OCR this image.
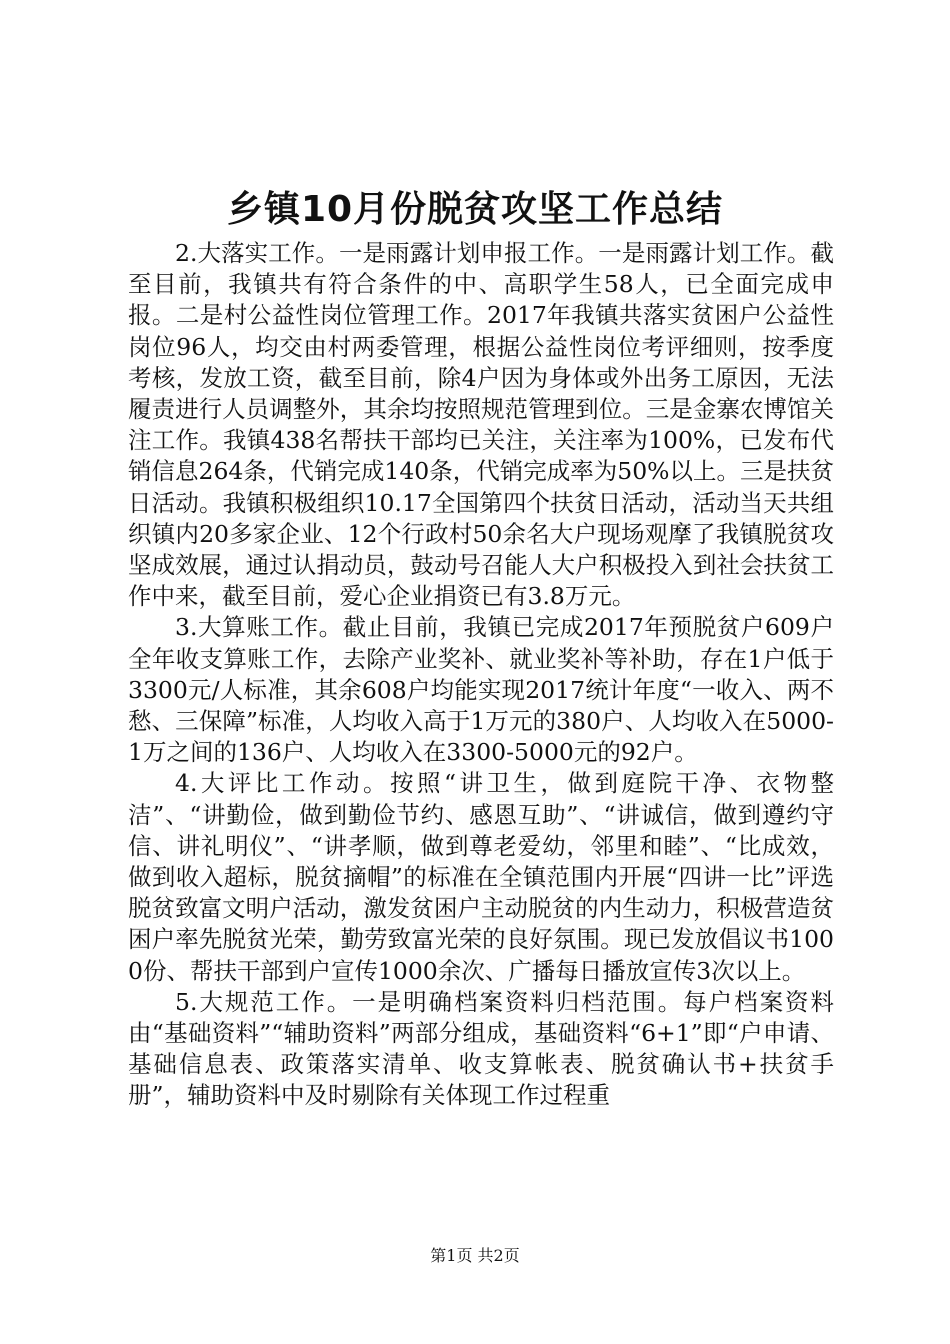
乡镇10月份脱贫攻坚工作总结

2.大落实工作。一是雨露计划申报工作。一是雨露计划工作。截至目前，我镇共有符合条件的中、高职学生58人，已全面完成申报。二是村公益性岗位管理工作。2017年我镇共落实贫困户公益性岗位96人，均交由村两委管理，根据公益性岗位考评细则，按季度考核，发放工资，截至目前，除4户因为身体或外出务工原因，无法履责进行人员调整外，其余均按照规范管理到位。三是金寨农博馆关注工作。我镇438名帮扶干部均已关注，关注率为100%，已发布代销信息264条，代销完成140条，代销完成率为50%以上。三是扶贫日活动。我镇积极组织10.17全国第四个扶贫日活动，活动当天共组织镇内20多家企业、12个行政村50余名大户现场观摩了我镇脱贫攻坚成效展，通过认捐动员，鼓动号召能人大户积极投入到社会扶贫工作中来，截至目前，爱心企业捐资已有3.8万元。

3.大算账工作。截止目前，我镇已完成2017年预脱贫户609户全年收支算账工作，去除产业奖补、就业奖补等补助，存在1户低于3300元/人标准，其余608户均能实现2017统计年度“一收入、两不愁、三保障”标准，人均收入高于1万元的380户、人均收入在5000-1万之间的136户、人均收入在3300-5000元的92户。

4.大评比工作动。按照“讲卫生，做到庭院干净、衣物整洁”、“讲勤俭，做到勤俭节约、感恩互助”、“讲诚信，做到遵约守信、讲礼明仪”、“讲孝顺，做到尊老爱幼，邻里和睦”、“比成效，做到收入超标，脱贫摘帽”的标准在全镇范围内开展“四讲一比”评选脱贫致富文明户活动，激发贫困户主动脱贫的内生动力，积极营造贫困户率先脱贫光荣，勤劳致富光荣的良好氛围。现已发放倡议书1000份、帮扶干部到户宣传1000余次、广播每日播放宣传3次以上。

5.大规范工作。一是明确档案资料归档范围。每户档案资料由“基础资料”“辅助资料”两部分组成，基础资料“6+1”即“户申请、基础信息表、政策落实清单、收支算帐表、脱贫确认书+扶贫手册”，辅助资料中及时剔除有关体现工作过程重

第1页 共2页
